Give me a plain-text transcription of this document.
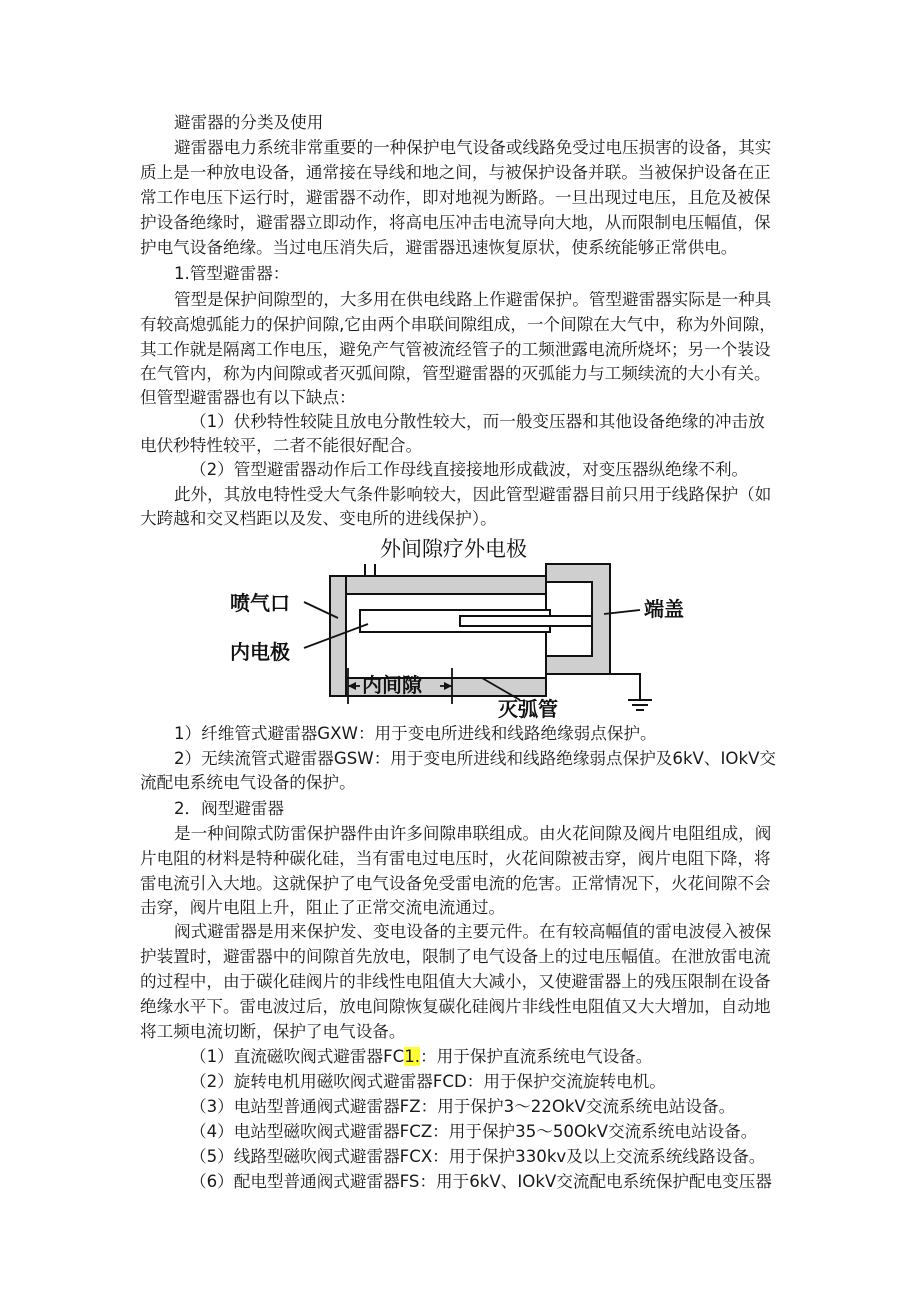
避雷器的分类及使用
避雷器电力系统非常重要的一种保护电气设备或线路免受过电压损害的设备，其实
质上是一种放电设备，通常接在导线和地之间，与被保护设备并联。当被保护设备在正
常工作电压下运行时，避雷器不动作，即对地视为断路。一旦出现过电压，且危及被保
护设备绝缘时，避雷器立即动作，将高电压冲击电流导向大地，从而限制电压幅值，保
护电气设备绝缘。当过电压消失后，避雷器迅速恢复原状，使系统能够正常供电。
1.管型避雷器：
管型是保护间隙型的，大多用在供电线路上作避雷保护。管型避雷器实际是一种具
有较高熄弧能力的保护间隙,它由两个串联间隙组成，一个间隙在大气中，称为外间隙，
其工作就是隔离工作电压，避免产气管被流经管子的工频泄露电流所烧坏；另一个装设
在气管内，称为内间隙或者灭弧间隙，管型避雷器的灭弧能力与工频续流的大小有关。
但管型避雷器也有以下缺点：
（1）伏秒特性较陡且放电分散性较大，而一般变压器和其他设备绝缘的冲击放
电伏秒特性较平，二者不能很好配合。
（2）管型避雷器动作后工作母线直接接地形成截波，对变压器纵绝缘不利。
此外，其放电特性受大气条件影响较大，因此管型避雷器目前只用于线路保护（如
大跨越和交叉档距以及发、变电所的进线保护）。
外间隙疗外电极
喷气口
内电极
端盖
内间隙
灭弧管
1）纤维管式避雷器GXW：用于变电所进线和线路绝缘弱点保护。
2）无续流管式避雷器GSW：用于变电所进线和线路绝缘弱点保护及6kV、IOkV交
流配电系统电气设备的保护。
2．阀型避雷器
是一种间隙式防雷保护器件由许多间隙串联组成。由火花间隙及阀片电阻组成，阀
片电阻的材料是特种碳化硅，当有雷电过电压时，火花间隙被击穿，阀片电阻下降，将
雷电流引入大地。这就保护了电气设备免受雷电流的危害。正常情况下，火花间隙不会
击穿，阀片电阻上升，阻止了正常交流电流通过。
阀式避雷器是用来保护发、变电设备的主要元件。在有较高幅值的雷电波侵入被保
护装置时，避雷器中的间隙首先放电，限制了电气设备上的过电压幅值。在泄放雷电流
的过程中，由于碳化硅阀片的非线性电阻值大大减小，又使避雷器上的残压限制在设备
绝缘水平下。雷电波过后，放电间隙恢复碳化硅阀片非线性电阻值又大大增加，自动地
将工频电流切断，保护了电气设备。
（1）直流磁吹阀式避雷器FC1.：用于保护直流系统电气设备。
（2）旋转电机用磁吹阀式避雷器FCD：用于保护交流旋转电机。
（3）电站型普通阀式避雷器FZ：用于保护3～22OkV交流系统电站设备。
（4）电站型磁吹阀式避雷器FCZ：用于保护35～50OkV交流系统电站设备。
（5）线路型磁吹阀式避雷器FCX：用于保护330kv及以上交流系统线路设备。
（6）配电型普通阀式避雷器FS：用于6kV、IOkV交流配电系统保护配电变压器
